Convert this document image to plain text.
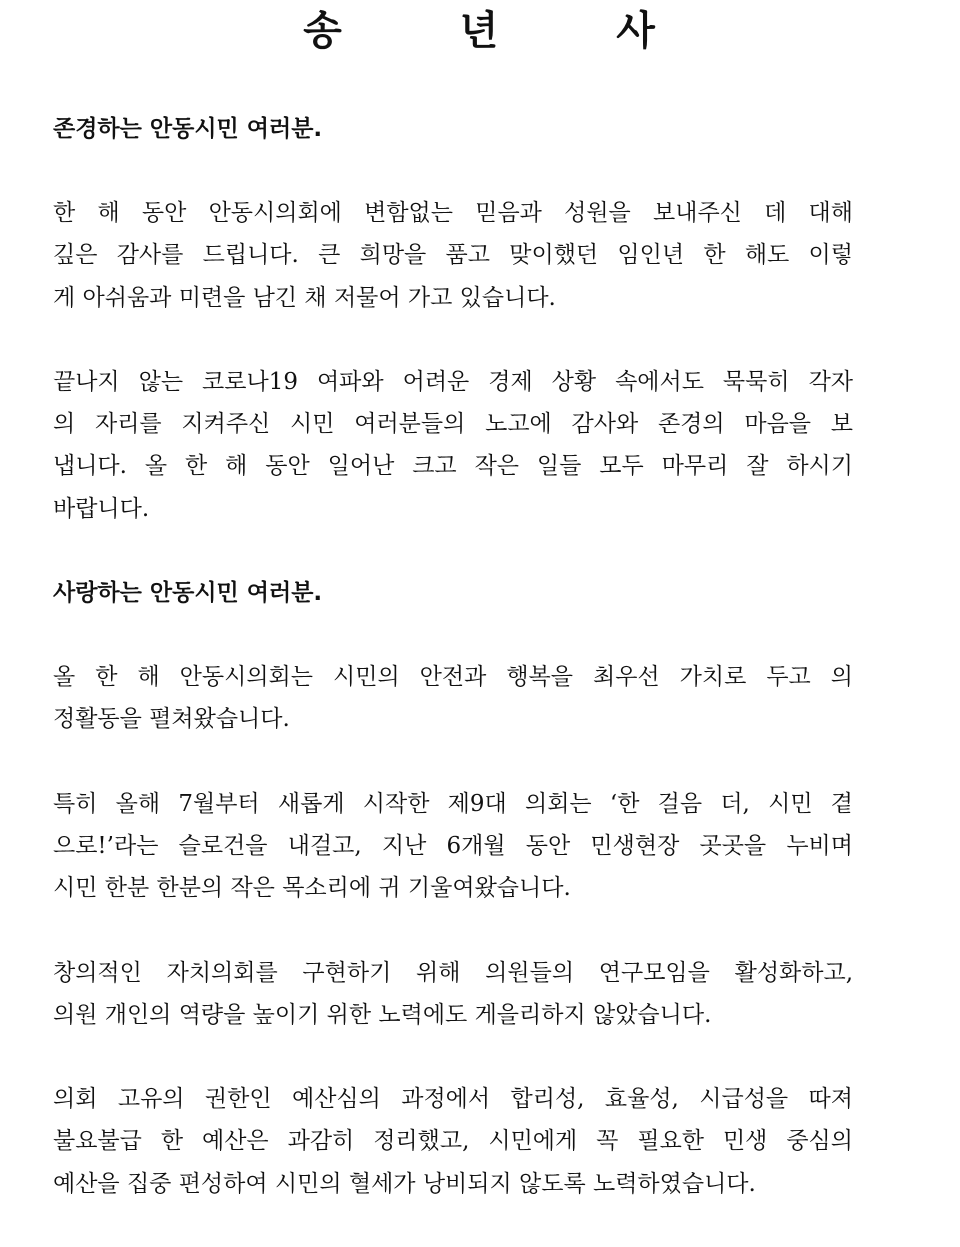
송 년 사
존경하는 안동시민 여러분.
한 해 동안 안동시의회에 변함없는 믿음과 성원을 보내주신 데 대해
깊은 감사를 드립니다. 큰 희망을 품고 맞이했던 임인년 한 해도 이렇
게 아쉬움과 미련을 남긴 채 저물어 가고 있습니다.
끝나지 않는 코로나19 여파와 어려운 경제 상황 속에서도 묵묵히 각자
의 자리를 지켜주신 시민 여러분들의 노고에 감사와 존경의 마음을 보
냅니다. 올 한 해 동안 일어난 크고 작은 일들 모두 마무리 잘 하시기
바랍니다.
사랑하는 안동시민 여러분.
올 한 해 안동시의회는 시민의 안전과 행복을 최우선 가치로 두고 의
정활동을 펼쳐왔습니다.
특히 올해 7월부터 새롭게 시작한 제9대 의회는 ‘한 걸음 더, 시민 곁
으로!’라는 슬로건을 내걸고, 지난 6개월 동안 민생현장 곳곳을 누비며
시민 한분 한분의 작은 목소리에 귀 기울여왔습니다.
창의적인 자치의회를 구현하기 위해 의원들의 연구모임을 활성화하고,
의원 개인의 역량을 높이기 위한 노력에도 게을리하지 않았습니다.
의회 고유의 권한인 예산심의 과정에서 합리성, 효율성, 시급성을 따져
불요불급 한 예산은 과감히 정리했고, 시민에게 꼭 필요한 민생 중심의
예산을 집중 편성하여 시민의 혈세가 낭비되지 않도록 노력하였습니다.
